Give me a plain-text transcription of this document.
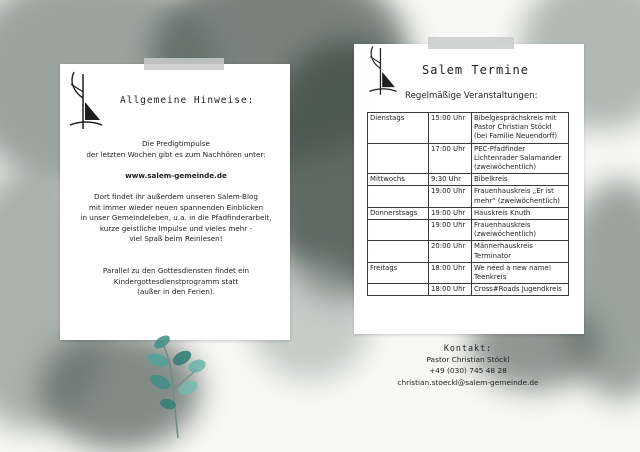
Allgemeine Hinweise:

Die Predigtimpulse

der letzten Wochen gibt es zum Nachhören unter:

www.salem-gemeinde.de

Dort findet ihr außerdem unseren Salem-Blog

mit immer wieder neuen spannenden Einblicken

in unser Gemeindeleben, u.a. in die Pfadfinderarbeit,

kurze geistliche Impulse und vieles mehr -

viel Spaß beim Reinlesen!

Parallel zu den Gottesdiensten findet ein

Kindergottesdienstprogramm statt

(außer in den Ferien).

Salem Termine
Regelmäßige Veranstaltungen:
Dienstags	15:00 Uhr	Bibelgesprächskreis mit
Pastor Christian Stöckl
(bei Familie Neuendorff)

	17:00 Uhr	PEC-Pfadfinder
Lichtenrader Salamander
(zweiwöchentlich)

Mittwochs	9:30 Uhr	Bibelkreis

	19:00 Uhr	Frauenhauskreis „Er ist
mehr“ (zweiwöchentlich)

Donnerstsags	19:00 Uhr	Hauskreis Knuth

	19:00 Uhr	Frauenhauskreis
(zweiwöchentlich)

	20:00 Uhr	Männerhauskreis
Terminator

Freitags	18:00 Uhr	We need a new name!
Teenkreis

	18:00 Uhr	Cross#Roads Jugendkreis
Kontakt:
Pastor Christian Stöckl
+49 (030) 745 48 28
christian.stoeckl@salem-gemeinde.de
